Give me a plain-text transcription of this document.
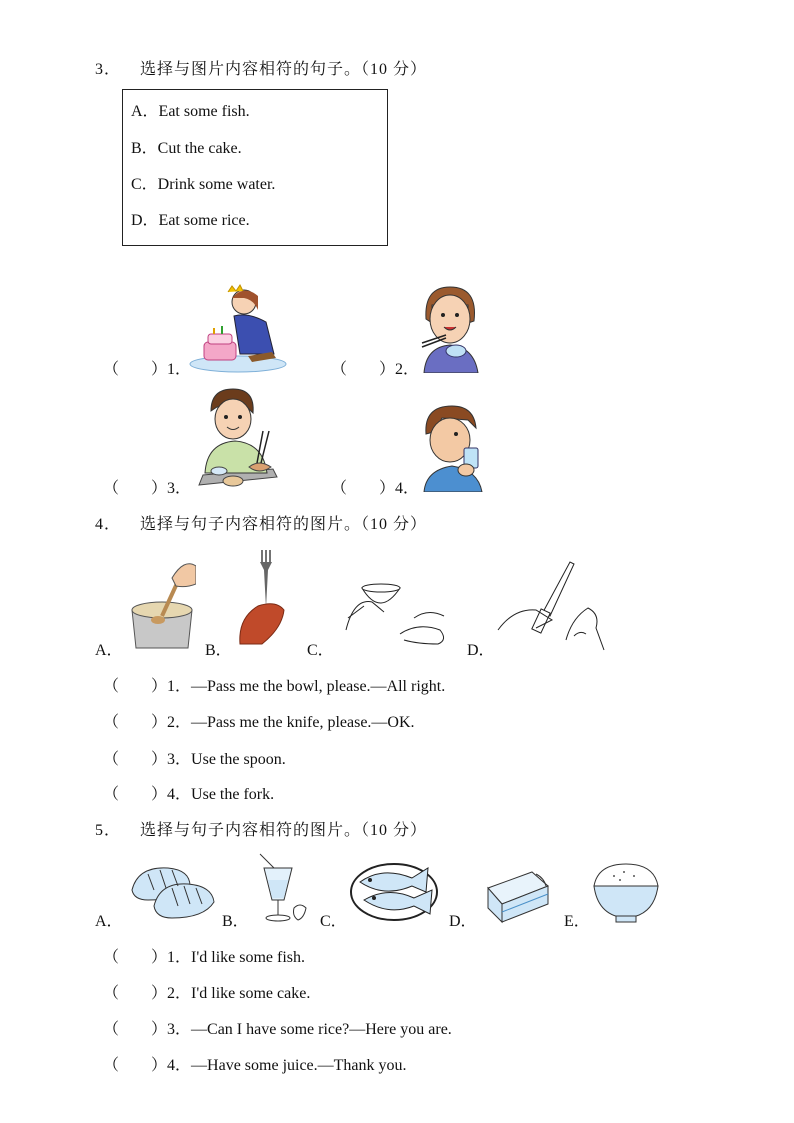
3． 选择与图片内容相符的句子。（10 分）
A．Eat some fish.
B．Cut the cake.
C．Drink some water.
D．Eat some rice.
（　　）1．	（　　）2．
（　　）3．	（　　）4．
4． 选择与句子内容相符的图片。（10 分）
A．	B．	C．	D．
（　　）1．—Pass me the bowl, please.—All right.
（　　）2．—Pass me the knife, please.—OK.
（　　）3．Use the spoon.
（　　）4．Use the fork.
5． 选择与句子内容相符的图片。（10 分）
A．	B．	C．	D．	E．
（　　）1．I'd like some fish.
（　　）2．I'd like some cake.
（　　）3．—Can I have some rice?—Here you are.
（　　）4．—Have some juice.—Thank you.
